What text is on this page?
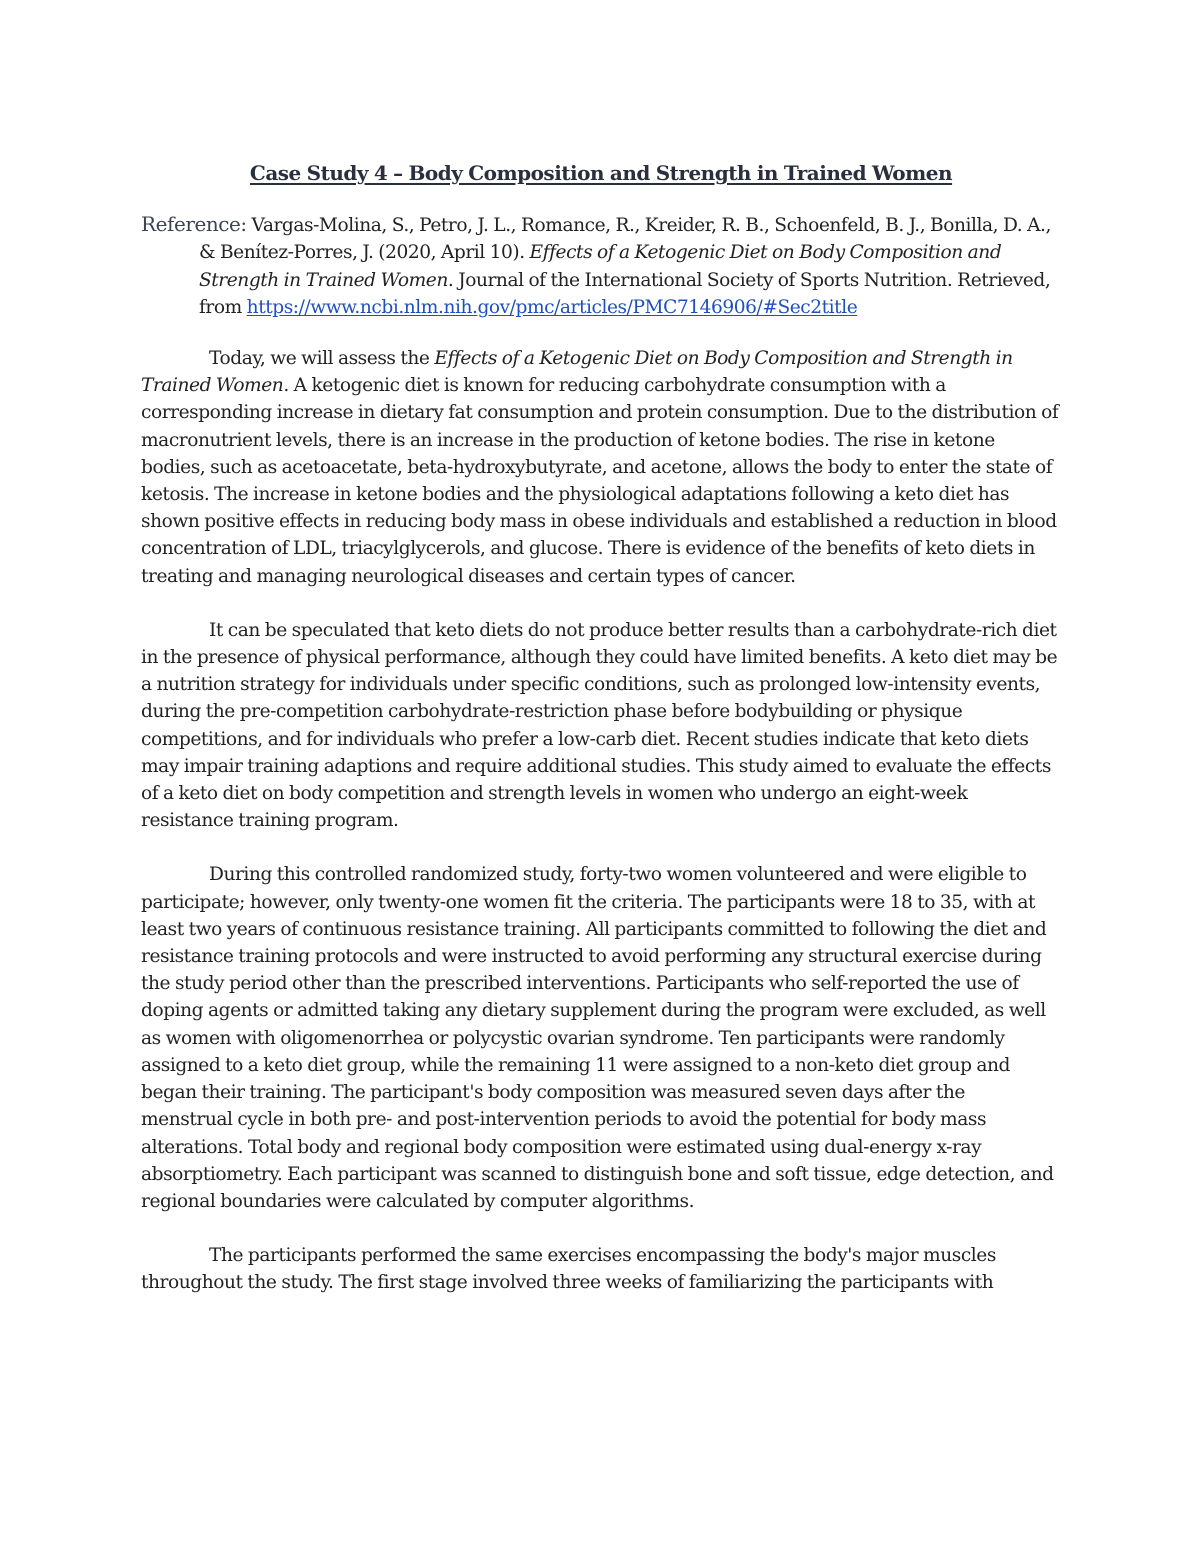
Case Study 4 – Body Composition and Strength in Trained Women
Reference: Vargas-Molina, S., Petro, J. L., Romance, R., Kreider, R. B., Schoenfeld, B. J., Bonilla, D. A., & Benítez-Porres, J. (2020, April 10). Effects of a Ketogenic Diet on Body Composition and Strength in Trained Women. Journal of the International Society of Sports Nutrition. Retrieved, from https://www.ncbi.nlm.nih.gov/pmc/articles/PMC7146906/#Sec2title
Today, we will assess the Effects of a Ketogenic Diet on Body Composition and Strength in Trained Women. A ketogenic diet is known for reducing carbohydrate consumption with a corresponding increase in dietary fat consumption and protein consumption. Due to the distribution of macronutrient levels, there is an increase in the production of ketone bodies. The rise in ketone bodies, such as acetoacetate, beta-hydroxybutyrate, and acetone, allows the body to enter the state of ketosis. The increase in ketone bodies and the physiological adaptations following a keto diet has shown positive effects in reducing body mass in obese individuals and established a reduction in blood concentration of LDL, triacylglycerols, and glucose. There is evidence of the benefits of keto diets in treating and managing neurological diseases and certain types of cancer.
It can be speculated that keto diets do not produce better results than a carbohydrate-rich diet in the presence of physical performance, although they could have limited benefits. A keto diet may be a nutrition strategy for individuals under specific conditions, such as prolonged low-intensity events, during the pre-competition carbohydrate-restriction phase before bodybuilding or physique competitions, and for individuals who prefer a low-carb diet. Recent studies indicate that keto diets may impair training adaptions and require additional studies. This study aimed to evaluate the effects of a keto diet on body competition and strength levels in women who undergo an eight-week resistance training program.
During this controlled randomized study, forty-two women volunteered and were eligible to participate; however, only twenty-one women fit the criteria. The participants were 18 to 35, with at least two years of continuous resistance training. All participants committed to following the diet and resistance training protocols and were instructed to avoid performing any structural exercise during the study period other than the prescribed interventions. Participants who self-reported the use of doping agents or admitted taking any dietary supplement during the program were excluded, as well as women with oligomenorrhea or polycystic ovarian syndrome. Ten participants were randomly assigned to a keto diet group, while the remaining 11 were assigned to a non-keto diet group and began their training. The participant's body composition was measured seven days after the menstrual cycle in both pre- and post-intervention periods to avoid the potential for body mass alterations. Total body and regional body composition were estimated using dual-energy x-ray absorptiometry. Each participant was scanned to distinguish bone and soft tissue, edge detection, and regional boundaries were calculated by computer algorithms.
The participants performed the same exercises encompassing the body's major muscles throughout the study. The first stage involved three weeks of familiarizing the participants with
